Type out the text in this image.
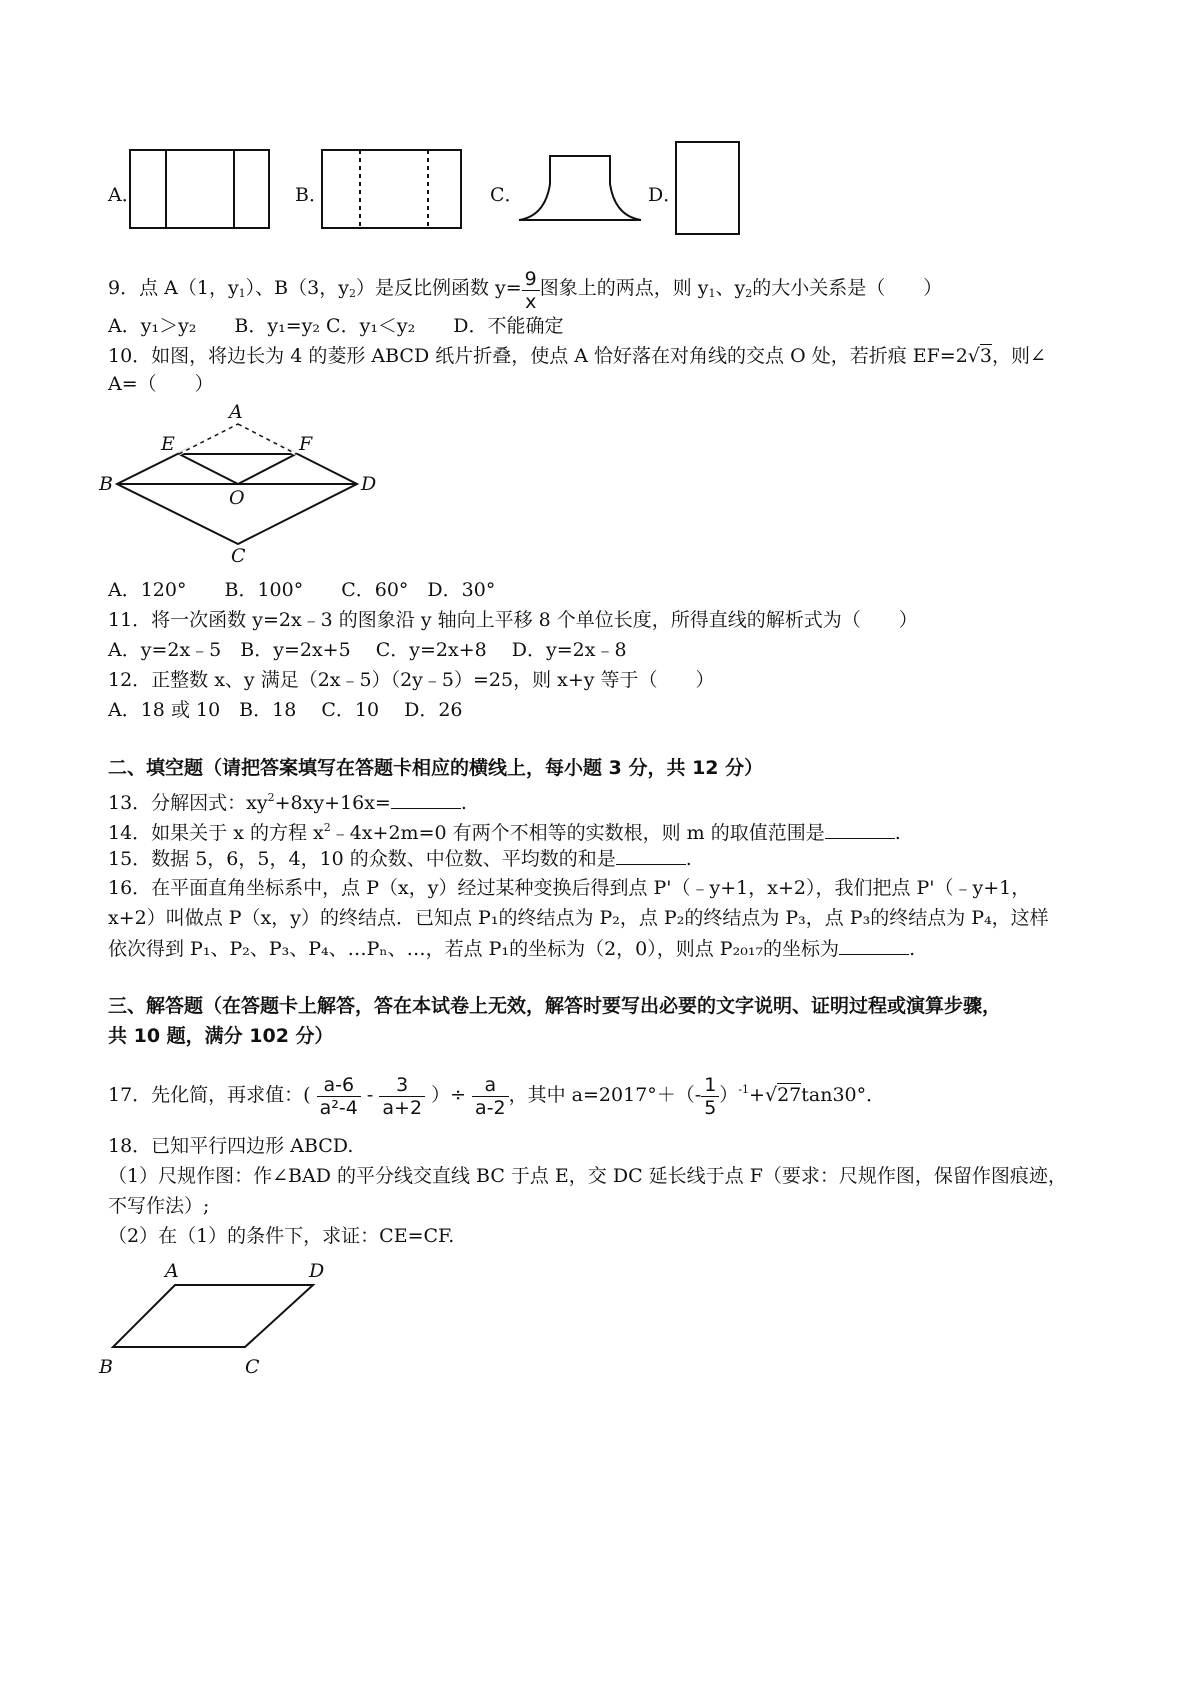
A．	B．	C．	D．
9．点 A（1，$y_1$）、B（3，$y_2$）是反比例函数 $y= \frac{9}{x}$ 图象上的两点，则 $y_1$、$y_2$的大小关系是（　　）
A．y₁＞y₂　　B．y₁=y₂ C．y₁＜y₂　　D．不能确定
10．如图，将边长为 4 的菱形 ABCD 纸片折叠，使点 A 恰好落在对角线的交点 O 处，若折痕 EF=2√3，则∠
A=（　　）
A
E	F
B	D
O
C
A．120°　　B．100°　　C．60°　D．30°
11．将一次函数 y=2x﹣3 的图象沿 y 轴向上平移 8 个单位长度，所得直线的解析式为（　　）
A．y=2x﹣5　B．y=2x+5　 C．y=2x+8　 D．y=2x﹣8
12．正整数 x、y 满足（2x﹣5）（2y﹣5）=25，则 x+y 等于（　　）
A．18 或 10　B．18　 C．10　 D．26
二、填空题（请把答案填写在答题卡相应的横线上，每小题 3 分，共 12 分）
13．分解因式：$xy^2+8xy+16x=$	.
14．如果关于 x 的方程 $x^2﹣4x+2m=0$ 有两个不相等的实数根，则 m 的取值范围是	.
15．数据 5，6，5，4，10 的众数、中位数、平均数的和是	.
16．在平面直角坐标系中，点 P（x，y）经过某种变换后得到点 P'（﹣y+1，x+2），我们把点 P'（﹣y+1，
x+2）叫做点 P（x，y）的终结点．已知点 P₁的终结点为 P₂，点 P₂的终结点为 P₃，点 P₃的终结点为 P₄，这样
依次得到 P₁、P₂、P₃、P₄、…Pₙ、…，若点 P₁的坐标为（2，0），则点 P₂₀₁₇的坐标为	.
三、解答题（在答题卡上解答，答在本试卷上无效，解答时要写出必要的文字说明、证明过程或演算步骤，
共 10 题，满分 102 分）
17．先化简，再求值：( $\frac{a-6}{\text{a²-4}} - \frac{3}{a+2}$ ）÷ $\frac{a}{a-2}$ ，其中 $a=2017^\circ+(- \frac{1}{5} )^{-1}+√27\tan 30^\circ$．
18．已知平行四边形 ABCD.
（1）尺规作图：作∠BAD 的平分线交直线 BC 于点 E，交 DC 延长线于点 F（要求：尺规作图，保留作图痕迹，
不写作法）;
（2）在（1）的条件下，求证：CE=CF.
A	D
B	C
